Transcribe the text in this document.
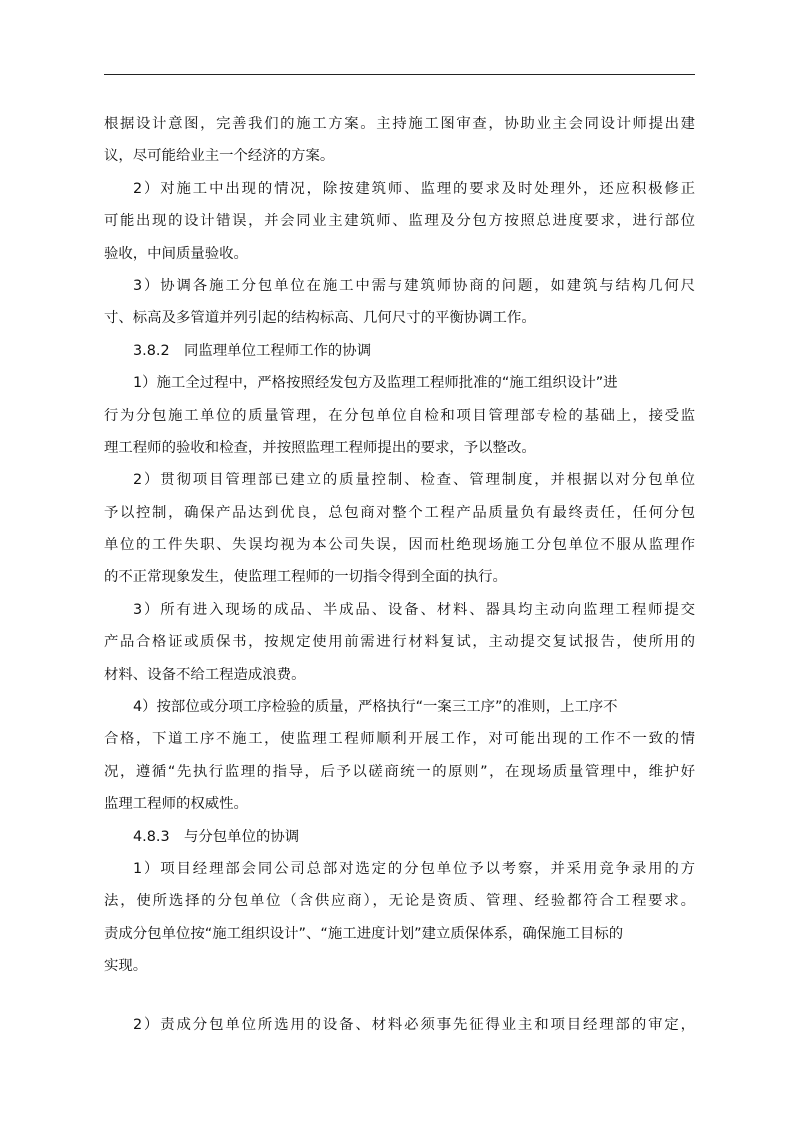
根据设计意图，完善我们的施工方案。主持施工图审查，协助业主会同设计师提出建
议，尽可能给业主一个经济的方案。
2）对施工中出现的情况，除按建筑师、监理的要求及时处理外，还应积极修正
可能出现的设计错误，并会同业主建筑师、监理及分包方按照总进度要求，进行部位
验收，中间质量验收。
3）协调各施工分包单位在施工中需与建筑师协商的问题，如建筑与结构几何尺
寸、标高及多管道并列引起的结构标高、几何尺寸的平衡协调工作。
3.8.2　同监理单位工程师工作的协调
1）施工全过程中，严格按照经发包方及监理工程师批准的“施工组织设计”进
行为分包施工单位的质量管理，在分包单位自检和项目管理部专检的基础上，接受监
理工程师的验收和检查，并按照监理工程师提出的要求，予以整改。
2）贯彻项目管理部已建立的质量控制、检查、管理制度，并根据以对分包单位
予以控制，确保产品达到优良，总包商对整个工程产品质量负有最终责任，任何分包
单位的工件失职、失误均视为本公司失误，因而杜绝现场施工分包单位不服从监理作
的不正常现象发生，使监理工程师的一切指令得到全面的执行。
3）所有进入现场的成品、半成品、设备、材料、器具均主动向监理工程师提交
产品合格证或质保书，按规定使用前需进行材料复试，主动提交复试报告，使所用的
材料、设备不给工程造成浪费。
4）按部位或分项工序检验的质量，严格执行“一案三工序”的准则，上工序不
合格，下道工序不施工，使监理工程师顺利开展工作，对可能出现的工作不一致的情
况，遵循“先执行监理的指导，后予以磋商统一的原则”，在现场质量管理中，维护好
监理工程师的权威性。
4.8.3　与分包单位的协调
1）项目经理部会同公司总部对选定的分包单位予以考察，并采用竞争录用的方
法，使所选择的分包单位（含供应商），无论是资质、管理、经验都符合工程要求。
责成分包单位按“施工组织设计”、“施工进度计划”建立质保体系，确保施工目标的
实现。
2）责成分包单位所选用的设备、材料必须事先征得业主和项目经理部的审定，
